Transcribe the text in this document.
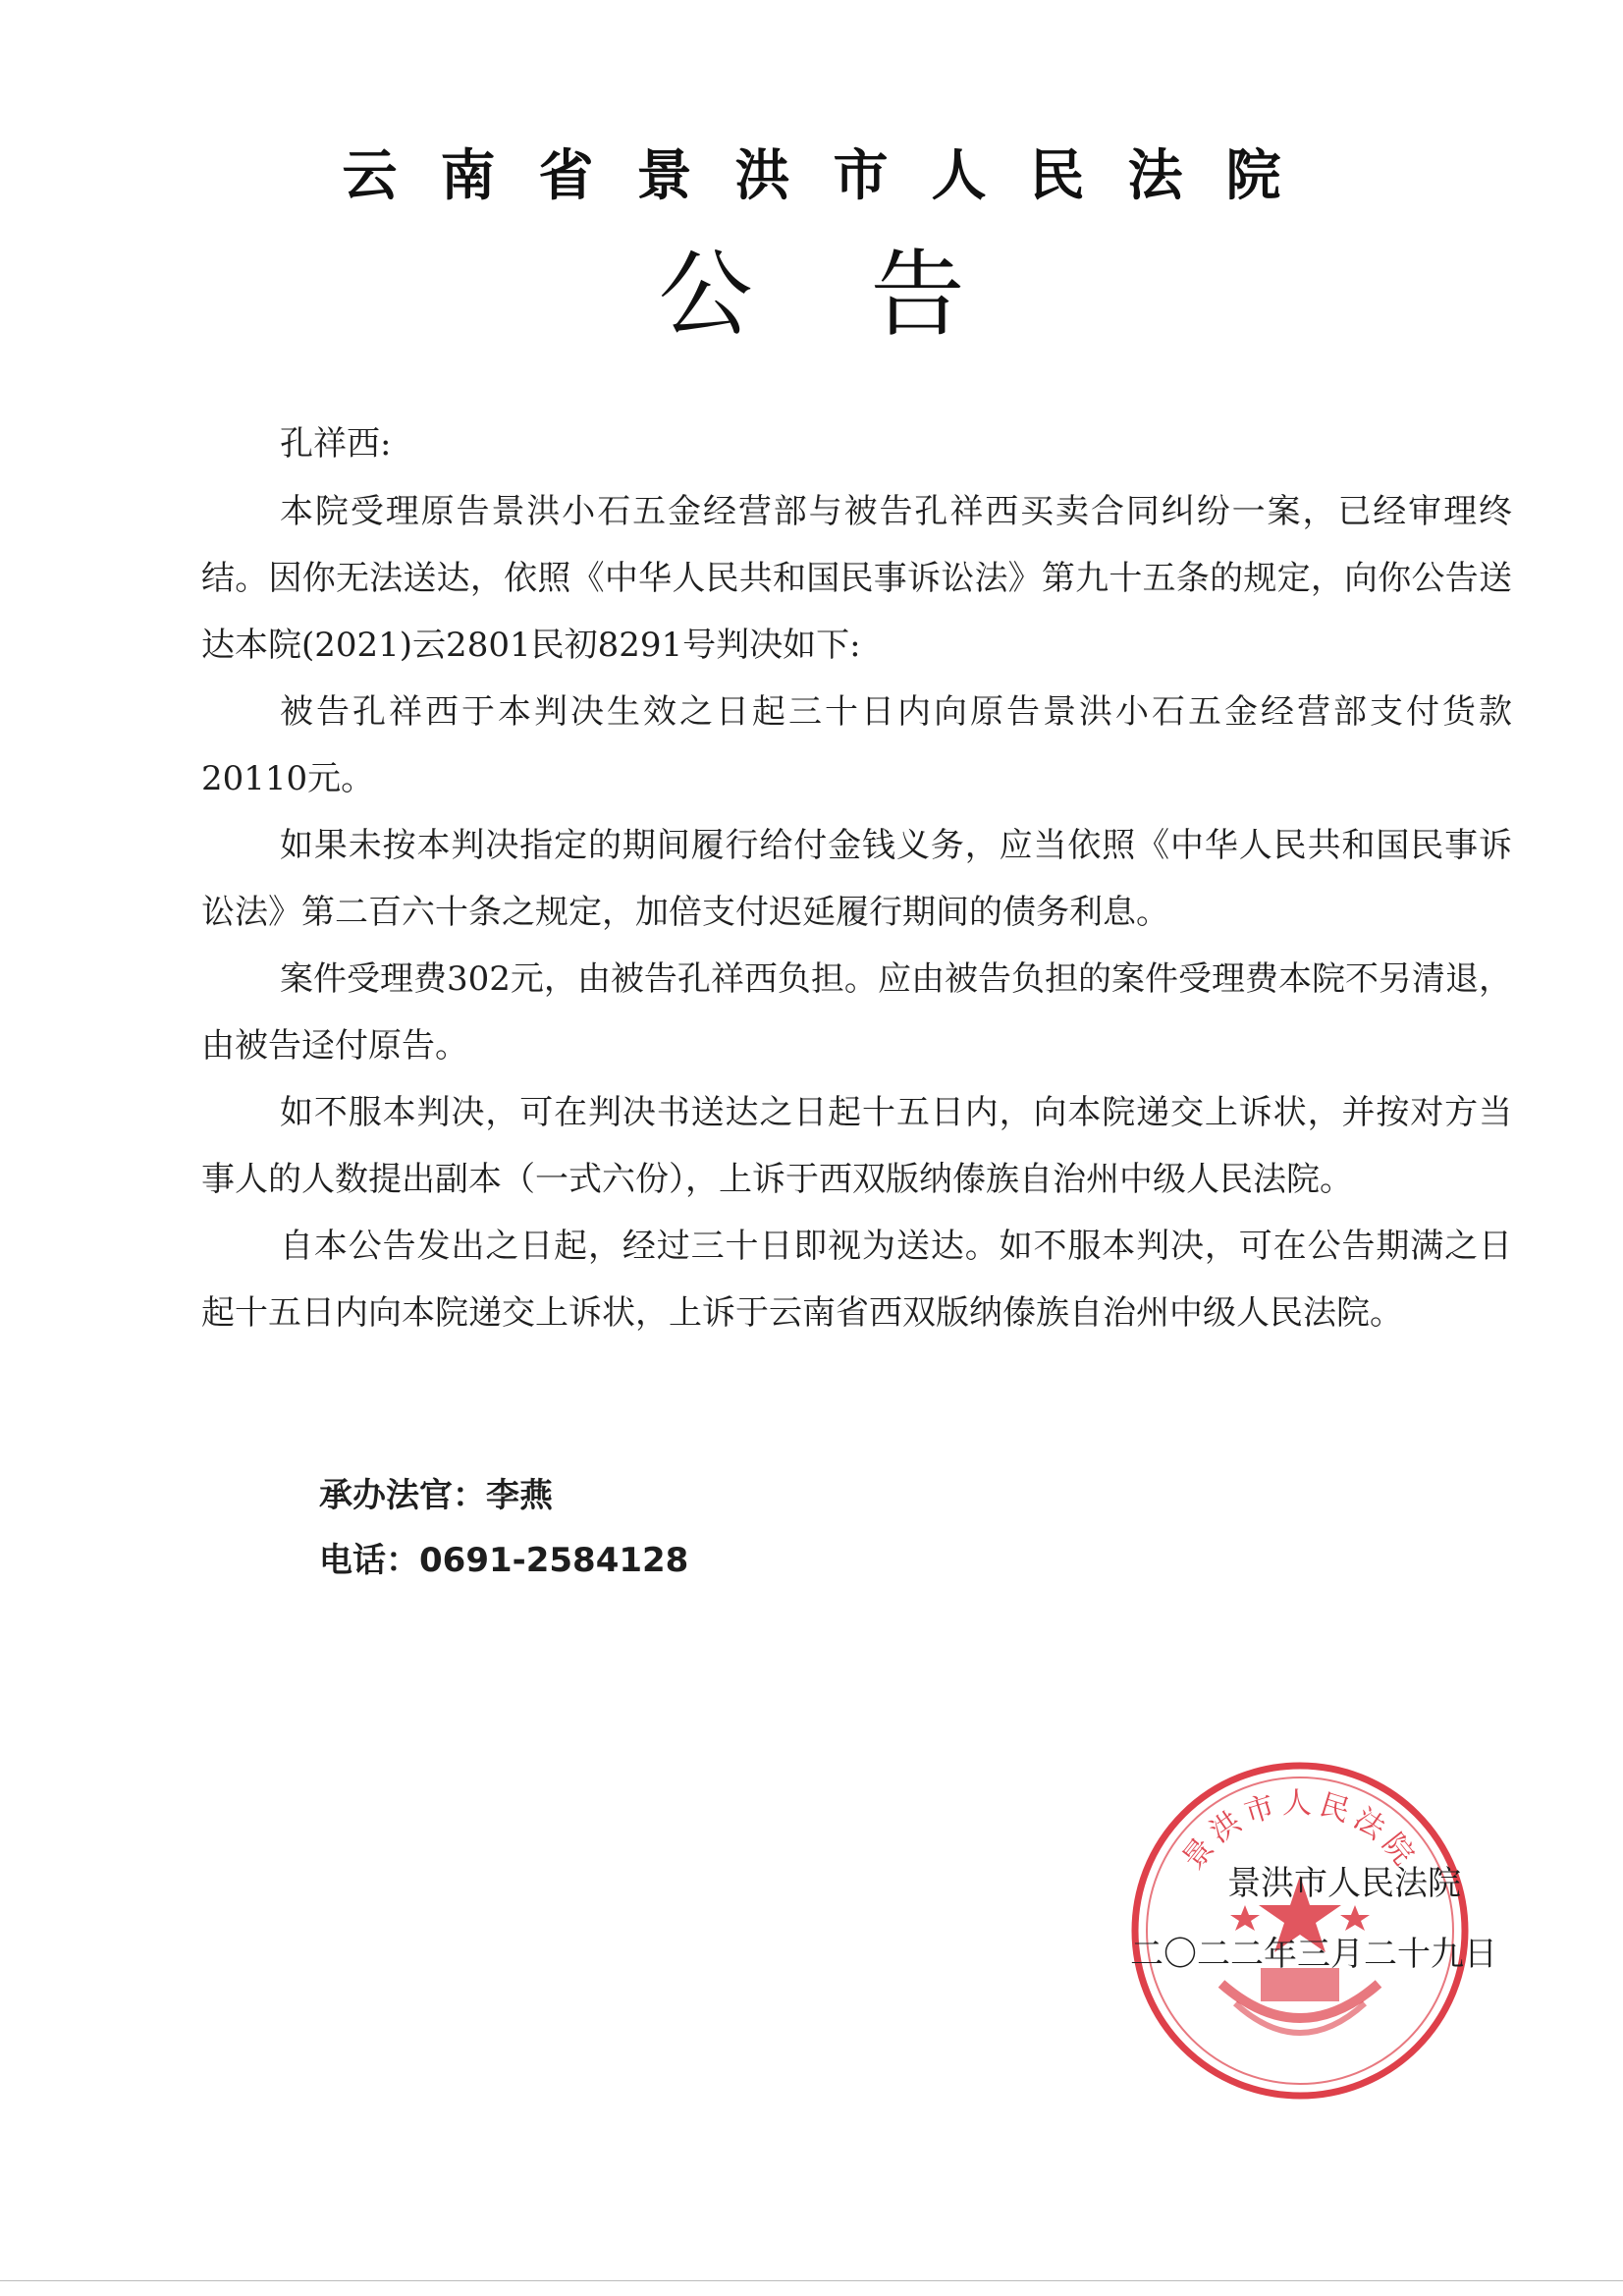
云南省景洪市人民法院
公告

孔祥西:

本院受理原告景洪小石五金经营部与被告孔祥西买卖合同纠纷一案，已经审理终结。因你无法送达，依照《中华人民共和国民事诉讼法》第九十五条的规定，向你公告送达本院(2021)云2801民初8291号判决如下:

被告孔祥西于本判决生效之日起三十日内向原告景洪小石五金经营部支付货款20110元。

如果未按本判决指定的期间履行给付金钱义务，应当依照《中华人民共和国民事诉讼法》第二百六十条之规定，加倍支付迟延履行期间的债务利息。

案件受理费302元，由被告孔祥西负担。应由被告负担的案件受理费本院不另清退，由被告迳付原告。

如不服本判决，可在判决书送达之日起十五日内，向本院递交上诉状，并按对方当事人的人数提出副本（一式六份），上诉于西双版纳傣族自治州中级人民法院。

自本公告发出之日起，经过三十日即视为送达。如不服本判决，可在公告期满之日起十五日内向本院递交上诉状，上诉于云南省西双版纳傣族自治州中级人民法院。

承办法官：李燕
电话：0691-2584128
景洪市人民法院
景洪市人民法院
二〇二二年三月二十九日
